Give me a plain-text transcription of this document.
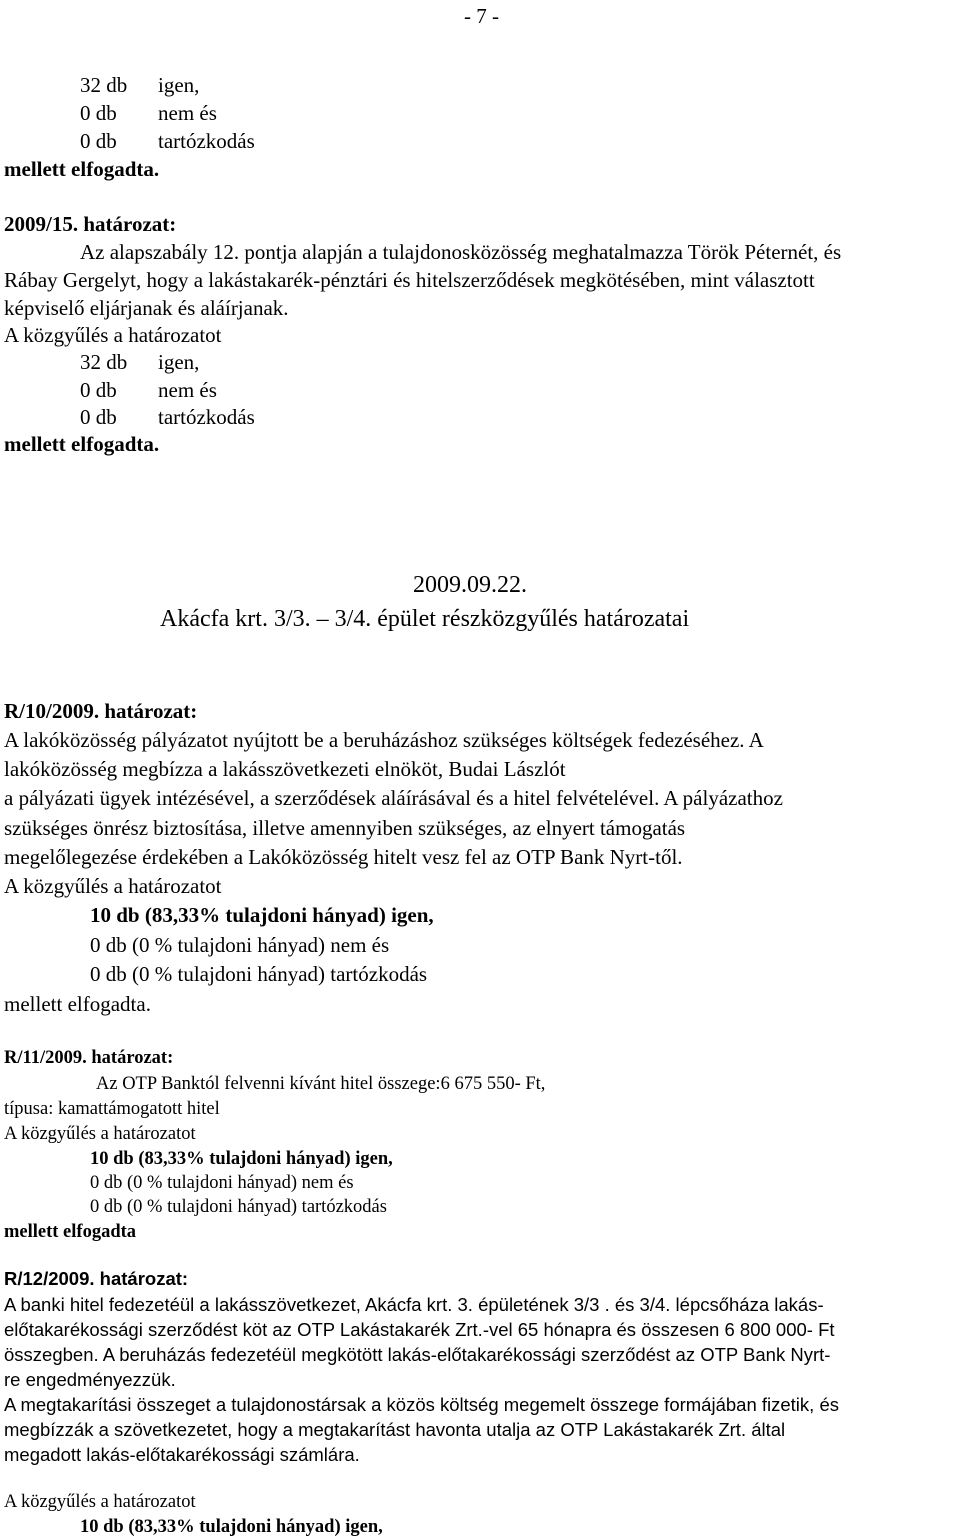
- 7 -
32 db igen,
0 db nem és
0 db tartózkodás
mellett elfogadta.
2009/15. határozat:
Az alapszabály 12. pontja alapján a tulajdonosközösség meghatalmazza Török Péternét, és
Rábay Gergelyt, hogy a lakástakarék-pénztári és hitelszerződések megkötésében, mint választott
képviselő eljárjanak és aláírjanak.
A közgyűlés a határozatot
32 db igen,
0 db nem és
0 db tartózkodás
mellett elfogadta.
2009.09.22.
Akácfa krt. 3/3. – 3/4. épület részközgyűlés határozatai
R/10/2009. határozat:
A lakóközösség pályázatot nyújtott be a beruházáshoz szükséges költségek fedezéséhez. A
lakóközösség megbízza a lakásszövetkezeti elnököt, Budai Lászlót
a pályázati ügyek intézésével, a szerződések aláírásával és a hitel felvételével. A pályázathoz
szükséges önrész biztosítása, illetve amennyiben szükséges, az elnyert támogatás
megelőlegezése érdekében a Lakóközösség hitelt vesz fel az OTP Bank Nyrt-től.
A közgyűlés a határozatot
10 db (83,33% tulajdoni hányad) igen,
0 db (0 % tulajdoni hányad) nem és
0 db (0 % tulajdoni hányad) tartózkodás
mellett elfogadta.
R/11/2009. határozat:
Az OTP Banktól felvenni kívánt hitel összege:6 675 550- Ft,
típusa: kamattámogatott hitel
A közgyűlés a határozatot
10 db (83,33% tulajdoni hányad) igen,
0 db (0 % tulajdoni hányad) nem és
0 db (0 % tulajdoni hányad) tartózkodás
mellett elfogadta
R/12/2009. határozat:
A banki hitel fedezetéül a lakásszövetkezet, Akácfa krt. 3. épületének 3/3 . és 3/4. lépcsőháza lakás-
előtakarékossági szerződést köt az OTP Lakástakarék Zrt.-vel 65 hónapra és összesen 6 800 000- Ft
összegben. A beruházás fedezetéül megkötött lakás-előtakarékossági szerződést az OTP Bank Nyrt-
re engedményezzük.
A megtakarítási összeget a tulajdonostársak a közös költség megemelt összege formájában fizetik, és
megbízzák a szövetkezetet, hogy a megtakarítást havonta utalja az OTP Lakástakarék Zrt. által
megadott lakás-előtakarékossági számlára.
A közgyűlés a határozatot
10 db (83,33% tulajdoni hányad) igen,
